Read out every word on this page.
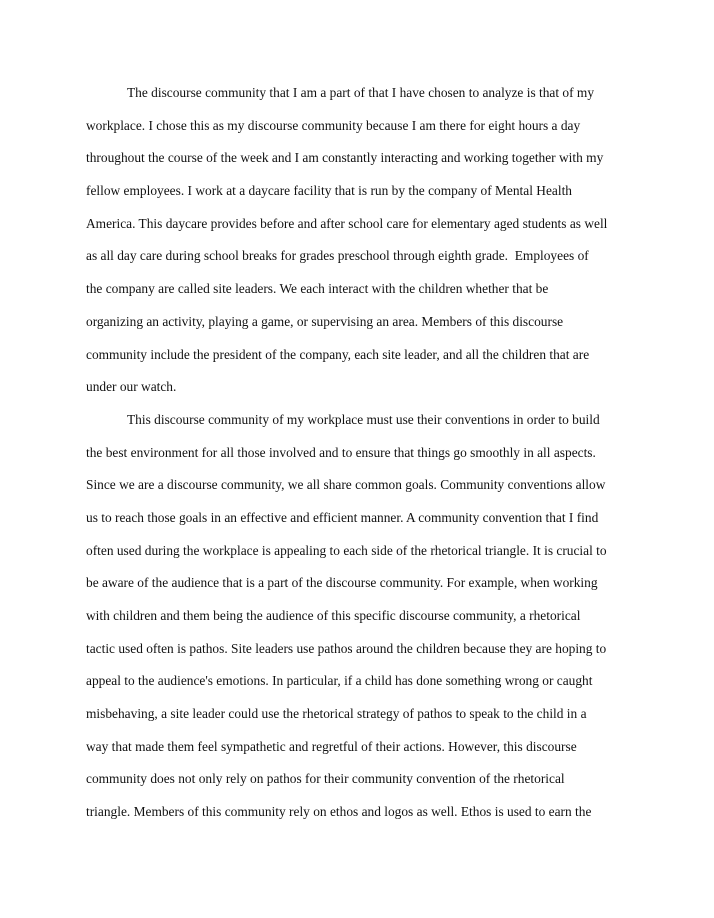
The discourse community that I am a part of that I have chosen to analyze is that of my
workplace. I chose this as my discourse community because I am there for eight hours a day
throughout the course of the week and I am constantly interacting and working together with my
fellow employees. I work at a daycare facility that is run by the company of Mental Health
America. This daycare provides before and after school care for elementary aged students as well
as all day care during school breaks for grades preschool through eighth grade.  Employees of
the company are called site leaders. We each interact with the children whether that be
organizing an activity, playing a game, or supervising an area. Members of this discourse
community include the president of the company, each site leader, and all the children that are
under our watch.
This discourse community of my workplace must use their conventions in order to build
the best environment for all those involved and to ensure that things go smoothly in all aspects.
Since we are a discourse community, we all share common goals. Community conventions allow
us to reach those goals in an effective and efficient manner. A community convention that I find
often used during the workplace is appealing to each side of the rhetorical triangle. It is crucial to
be aware of the audience that is a part of the discourse community. For example, when working
with children and them being the audience of this specific discourse community, a rhetorical
tactic used often is pathos. Site leaders use pathos around the children because they are hoping to
appeal to the audience's emotions. In particular, if a child has done something wrong or caught
misbehaving, a site leader could use the rhetorical strategy of pathos to speak to the child in a
way that made them feel sympathetic and regretful of their actions. However, this discourse
community does not only rely on pathos for their community convention of the rhetorical
triangle. Members of this community rely on ethos and logos as well. Ethos is used to earn the
